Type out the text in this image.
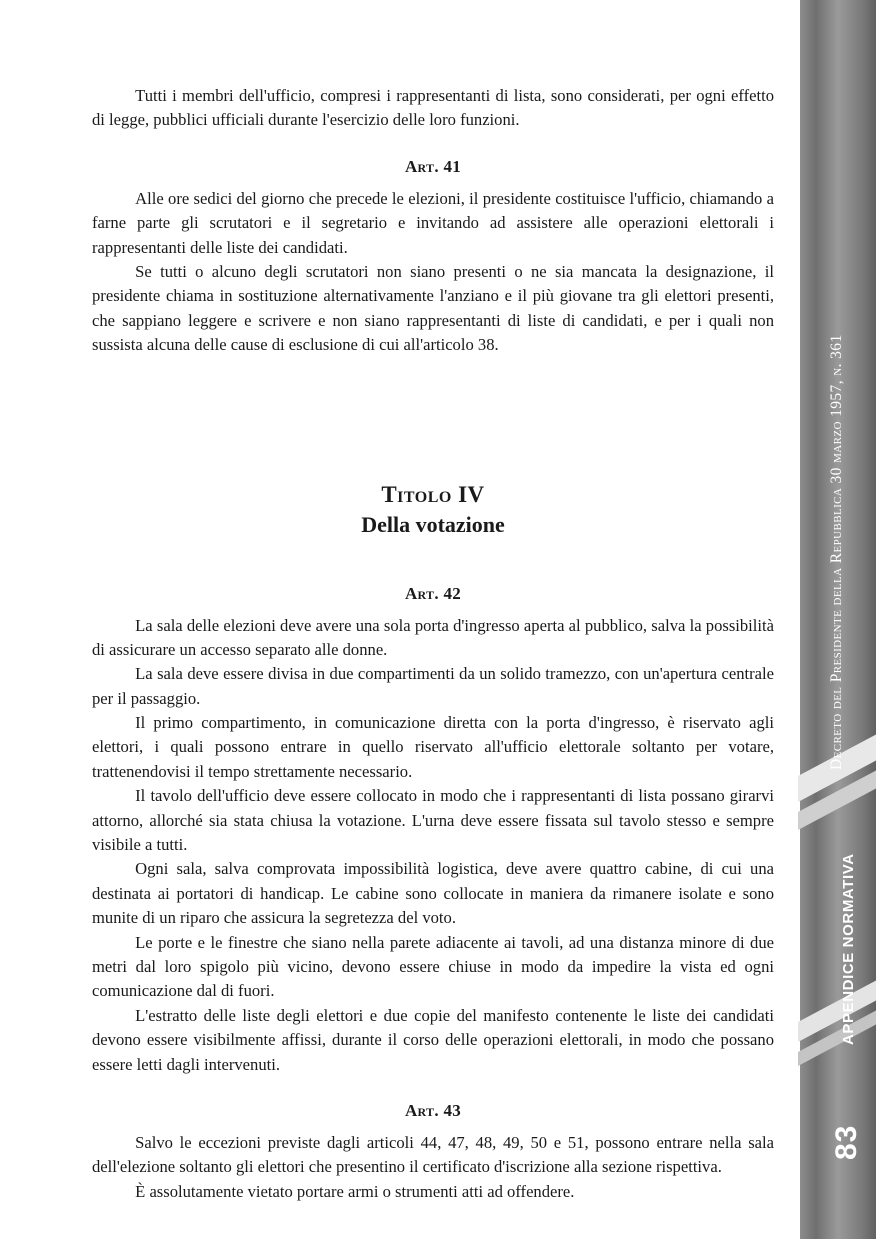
Decreto del Presidente della Repubblica 30 marzo 1957, n. 361
APPENDICE NORMATIVA
83

Tutti i membri dell'ufficio, compresi i rappresentanti di lista, sono considerati, per ogni effetto di legge, pubblici ufficiali durante l'esercizio delle loro funzioni.

Art. 41

Alle ore sedici del giorno che precede le elezioni, il presidente costituisce l'ufficio, chiamando a farne parte gli scrutatori e il segretario e invitando ad assistere alle operazioni elettorali i rappresentanti delle liste dei candidati.

Se tutti o alcuno degli scrutatori non siano presenti o ne sia mancata la designazione, il presidente chiama in sostituzione alternativamente l'anziano e il più giovane tra gli elettori presenti, che sappiano leggere e scrivere e non siano rappresentanti di liste di candidati, e per i quali non sussista alcuna delle cause di esclusione di cui all'articolo 38.

Titolo IV
Della votazione
Art. 42

La sala delle elezioni deve avere una sola porta d'ingresso aperta al pubblico, salva la possibilità di assicurare un accesso separato alle donne.

La sala deve essere divisa in due compartimenti da un solido tramezzo, con un'apertura centrale per il passaggio.

Il primo compartimento, in comunicazione diretta con la porta d'ingresso, è riservato agli elettori, i quali possono entrare in quello riservato all'ufficio elettorale soltanto per votare, trattenendovisi il tempo strettamente necessario.

Il tavolo dell'ufficio deve essere collocato in modo che i rappresentanti di lista possano girarvi attorno, allorché sia stata chiusa la votazione. L'urna deve essere fissata sul tavolo stesso e sempre visibile a tutti.

Ogni sala, salva comprovata impossibilità logistica, deve avere quattro cabine, di cui una destinata ai portatori di handicap. Le cabine sono collocate in maniera da rimanere isolate e sono munite di un riparo che assicura la segretezza del voto.

Le porte e le finestre che siano nella parete adiacente ai tavoli, ad una distanza minore di due metri dal loro spigolo più vicino, devono essere chiuse in modo da impedire la vista ed ogni comunicazione dal di fuori.

L'estratto delle liste degli elettori e due copie del manifesto contenente le liste dei candidati devono essere visibilmente affissi, durante il corso delle operazioni elettorali, in modo che possano essere letti dagli intervenuti.

Art. 43

Salvo le eccezioni previste dagli articoli 44, 47, 48, 49, 50 e 51, possono entrare nella sala dell'elezione soltanto gli elettori che presentino il certificato d'iscrizione alla sezione rispettiva.

È assolutamente vietato portare armi o strumenti atti ad offendere.
